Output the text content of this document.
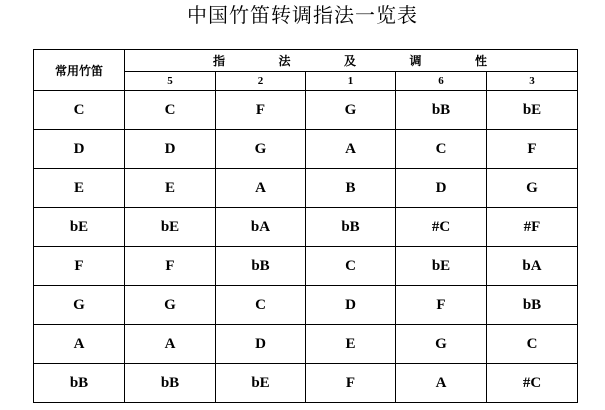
中国竹笛转调指法一览表
常用竹笛	指 法 及 调 性				

	5	2	1	6	3
C	C	F	G	bB	bE
D	D	G	A	C	F
E	E	A	B	D	G
bE	bE	bA	bB	#C	#F
F	F	bB	C	bE	bA
G	G	C	D	F	bB
A	A	D	E	G	C
bB	bB	bE	F	A	#C
